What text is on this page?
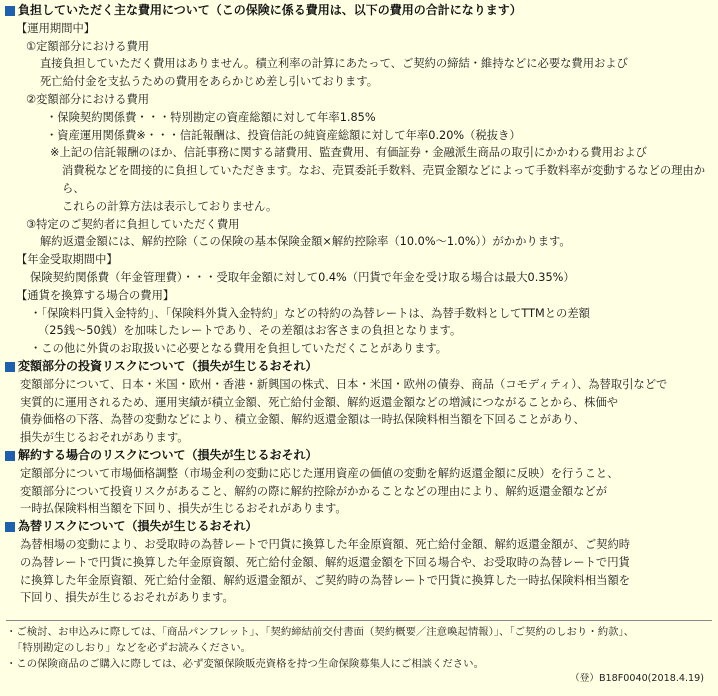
負担していただく主な費用について（この保険に係る費用は、以下の費用の合計になります）
【運用期間中】
①定額部分における費用
直接負担していただく費用はありません。積立利率の計算にあたって、ご契約の締結・維持などに必要な費用および
死亡給付金を支払うための費用をあらかじめ差し引いております。
②変額部分における費用
・保険契約関係費・・・特別勘定の資産総額に対して年率1.85%
・資産運用関係費※・・・信託報酬は、投資信託の純資産総額に対して年率0.20%（税抜き）
※上記の信託報酬のほか、信託事務に関する諸費用、監査費用、有価証券・金融派生商品の取引にかかわる費用および
消費税などを間接的に負担していただきます。なお、売買委託手数料、売買金額などによって手数料率が変動するなどの理由から、
これらの計算方法は表示しておりません。
③特定のご契約者に負担していただく費用
解約返還金額には、解約控除（この保険の基本保険金額×解約控除率（10.0%～1.0%））がかかります。
【年金受取期間中】
保険契約関係費（年金管理費）・・・受取年金額に対して0.4%（円貨で年金を受け取る場合は最大0.35%）
【通貨を換算する場合の費用】
・「保険料円貨入金特約」、「保険料外貨入金特約」などの特約の為替レートは、為替手数料としてTTMとの差額
（25銭～50銭）を加味したレートであり、その差額はお客さまの負担となります。
・この他に外貨のお取扱いに必要となる費用を負担していただくことがあります。
変額部分の投資リスクについて（損失が生じるおそれ）
変額部分について、日本・米国・欧州・香港・新興国の株式、日本・米国・欧州の債券、商品（コモディティ）、為替取引などで
実質的に運用されるため、運用実績が積立金額、死亡給付金額、解約返還金額などの増減につながることから、株価や
債券価格の下落、為替の変動などにより、積立金額、解約返還金額は一時払保険料相当額を下回ることがあり、
損失が生じるおそれがあります。
解約する場合のリスクについて（損失が生じるおそれ）
定額部分について市場価格調整（市場金利の変動に応じた運用資産の価値の変動を解約返還金額に反映）を行うこと、
変額部分について投資リスクがあること、解約の際に解約控除がかかることなどの理由により、解約返還金額などが
一時払保険料相当額を下回り、損失が生じるおそれがあります。
為替リスクについて（損失が生じるおそれ）
為替相場の変動により、お受取時の為替レートで円貨に換算した年金原資額、死亡給付金額、解約返還金額が、ご契約時
の為替レートで円貨に換算した年金原資額、死亡給付金額、解約返還金額を下回る場合や、お受取時の為替レートで円貨
に換算した年金原資額、死亡給付金額、解約返還金額が、ご契約時の為替レートで円貨に換算した一時払保険料相当額を
下回り、損失が生じるおそれがあります。
・ご検討、お申込みに際しては、「商品パンフレット」、「契約締結前交付書面（契約概要／注意喚起情報）」、「ご契約のしおり・約款」、
「特別勘定のしおり」などを必ずお読みください。
・この保険商品のご購入に際しては、必ず変額保険販売資格を持つ生命保険募集人にご相談ください。
（登）B18F0040(2018.4.19)
